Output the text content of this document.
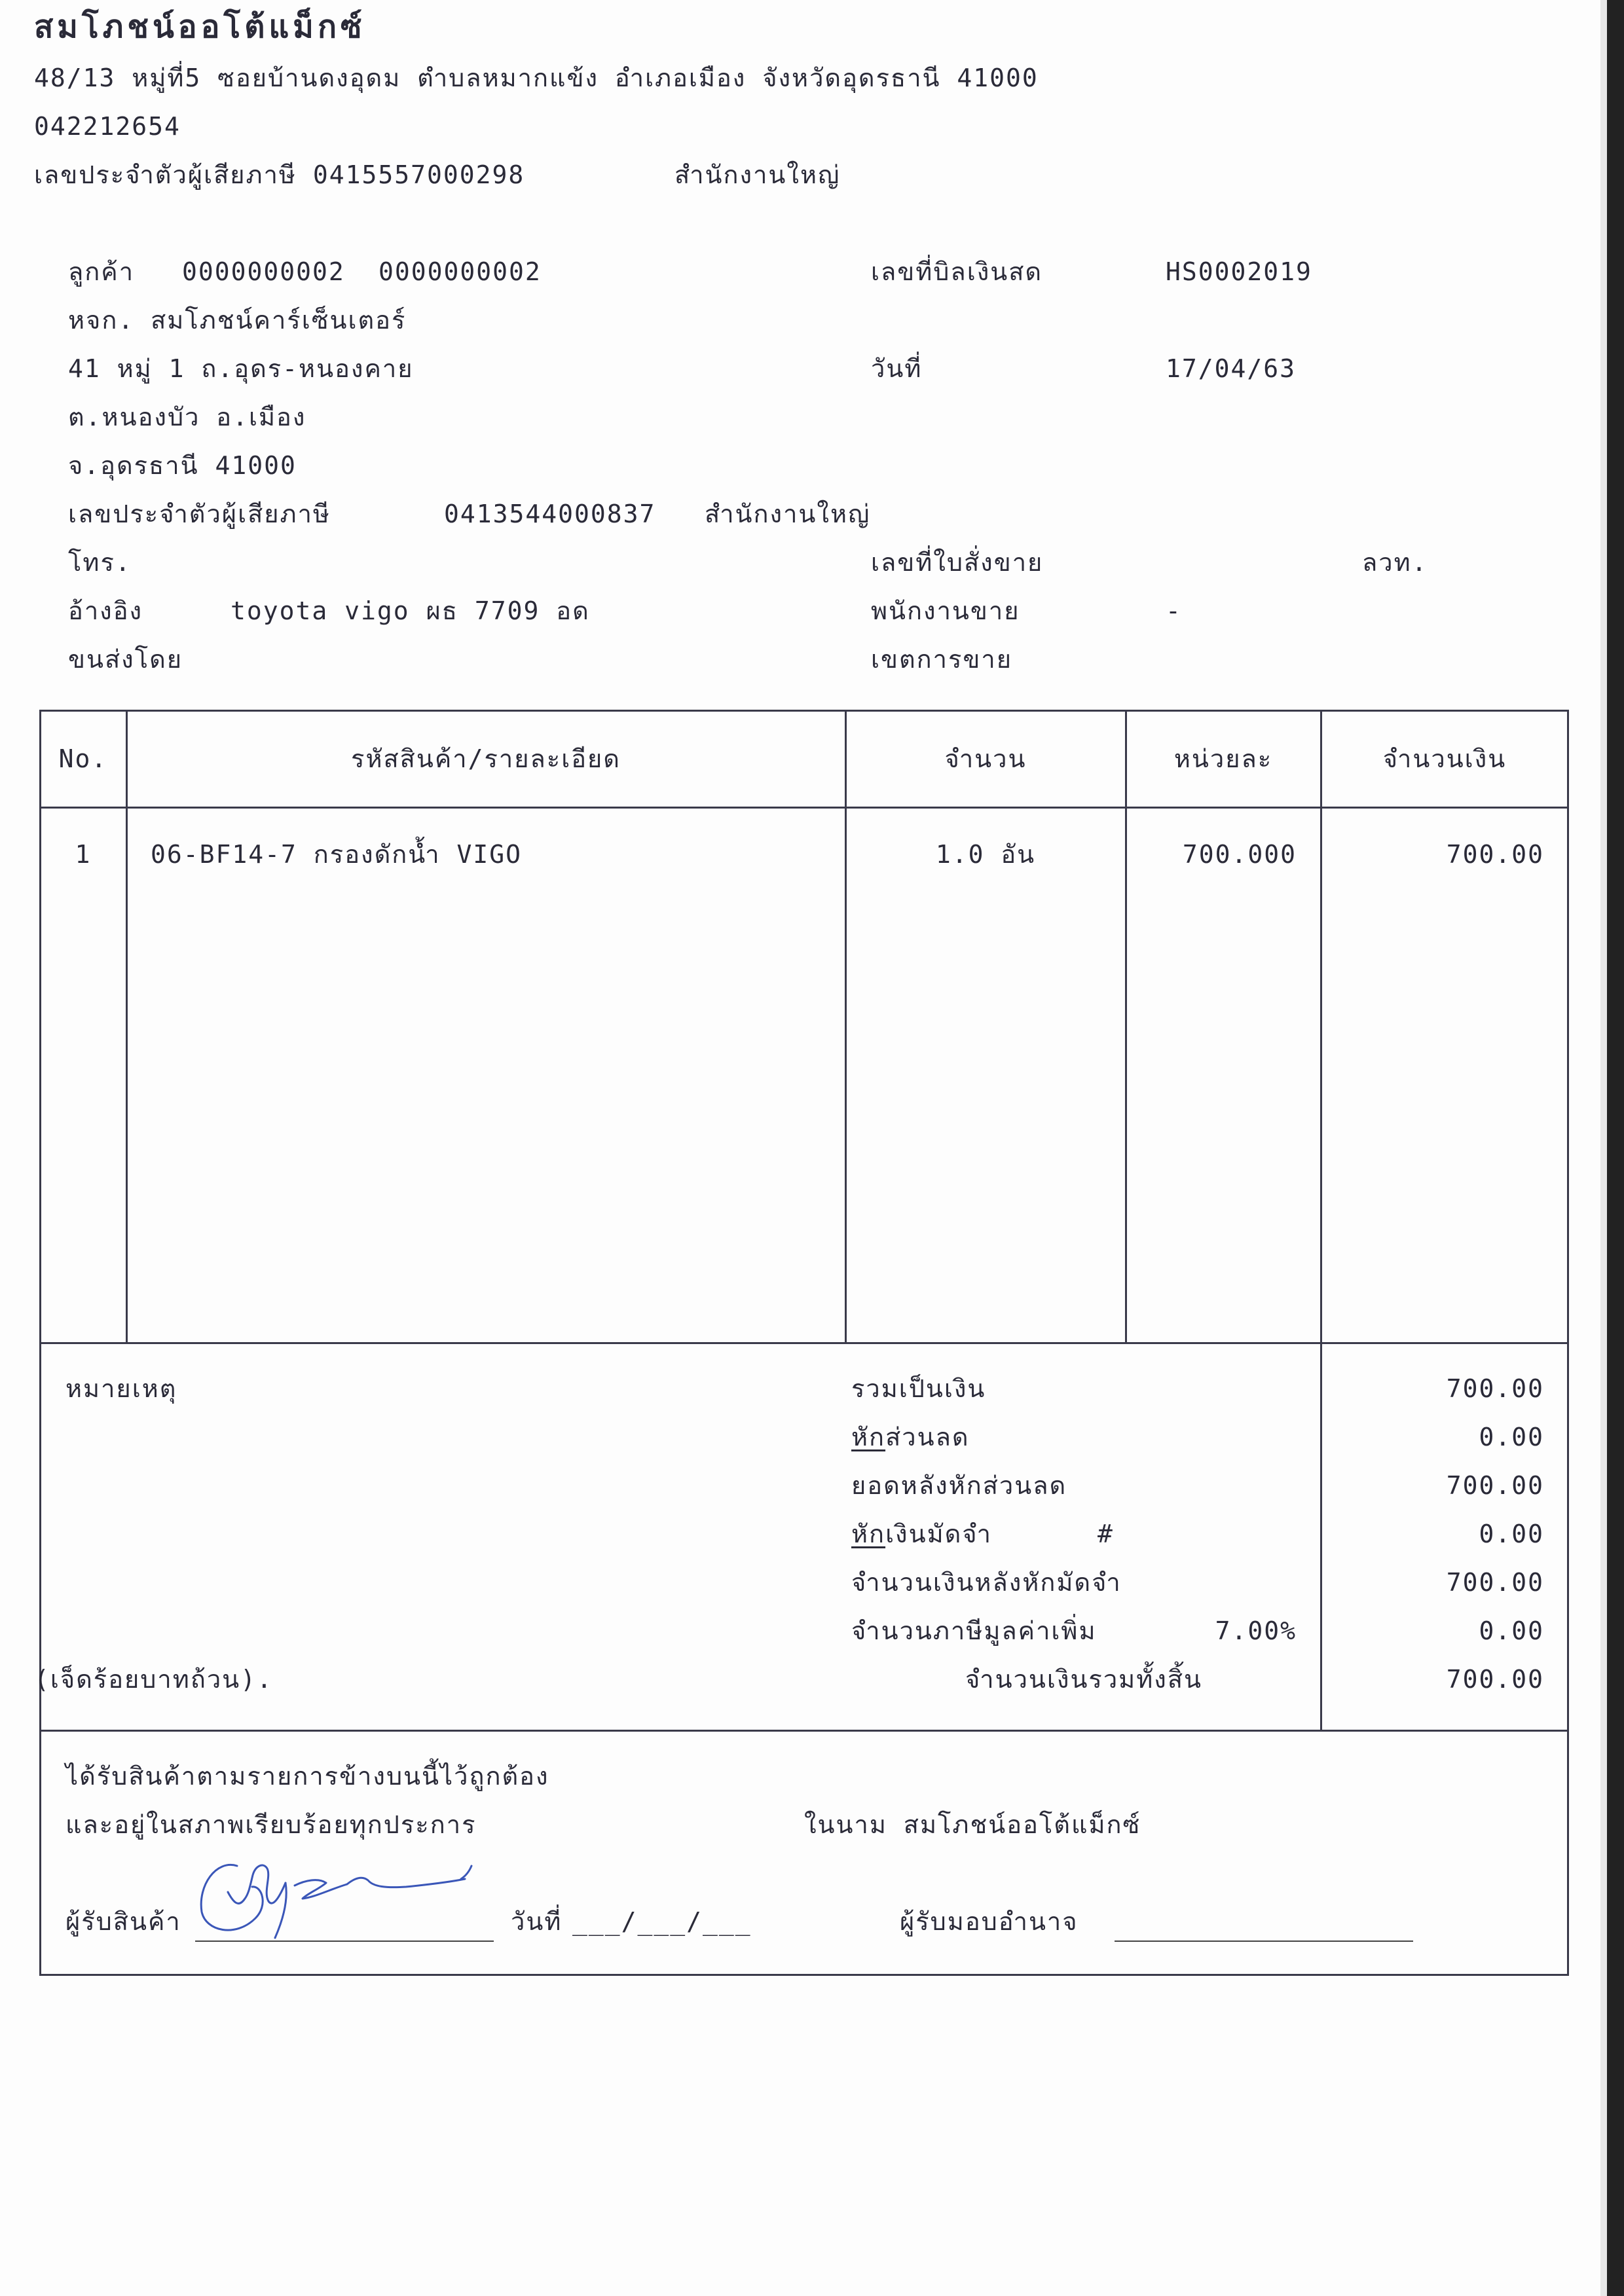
สมโภชน์ออโต้แม็กซ์
48/13 หมู่ที่5 ซอยบ้านดงอุดม ตำบลหมากแข้ง อำเภอเมือง จังหวัดอุดรธานี 41000
042212654
เลขประจำตัวผู้เสียภาษี 0415557000298	สำนักงานใหญ่
ลูกค้า 0000000002 0000000002
หจก. สมโภชน์คาร์เซ็นเตอร์
41 หมู่ 1 ถ.อุดร-หนองคาย
ต.หนองบัว อ.เมือง
จ.อุดรธานี 41000
เลขประจำตัวผู้เสียภาษี	0413544000837 สำนักงานใหญ่
โทร.
อ้างอิง	toyota vigo ผธ 7709 อด
ขนส่งโดย
เลขที่บิลเงินสด	HS0002019
วันที่	17/04/63
เลขที่ใบสั่งขาย	ลวท.
พนักงานขาย	-
เขตการขาย
No.	รหัสสินค้า/รายละเอียด	จำนวน	หน่วยละ	จำนวนเงิน
1	06-BF14-7 กรองดักน้ำ VIGO	1.0 อัน	700.000	700.00
หมายเหตุ	รวมเป็นเงิน	700.00
หักส่วนลด	0.00
ยอดหลังหักส่วนลด	700.00
หักเงินมัดจำ	#	0.00
จำนวนเงินหลังหักมัดจำ	700.00
จำนวนภาษีมูลค่าเพิ่ม	7.00%	0.00
(เจ็ดร้อยบาทถ้วน).	จำนวนเงินรวมทั้งสิ้น	700.00
ได้รับสินค้าตามรายการข้างบนนี้ไว้ถูกต้อง
และอยู่ในสภาพเรียบร้อยทุกประการ	ในนาม สมโภชน์ออโต้แม็กซ์
ผู้รับสินค้า	วันที่ ___/___/___	ผู้รับมอบอำนาจ
